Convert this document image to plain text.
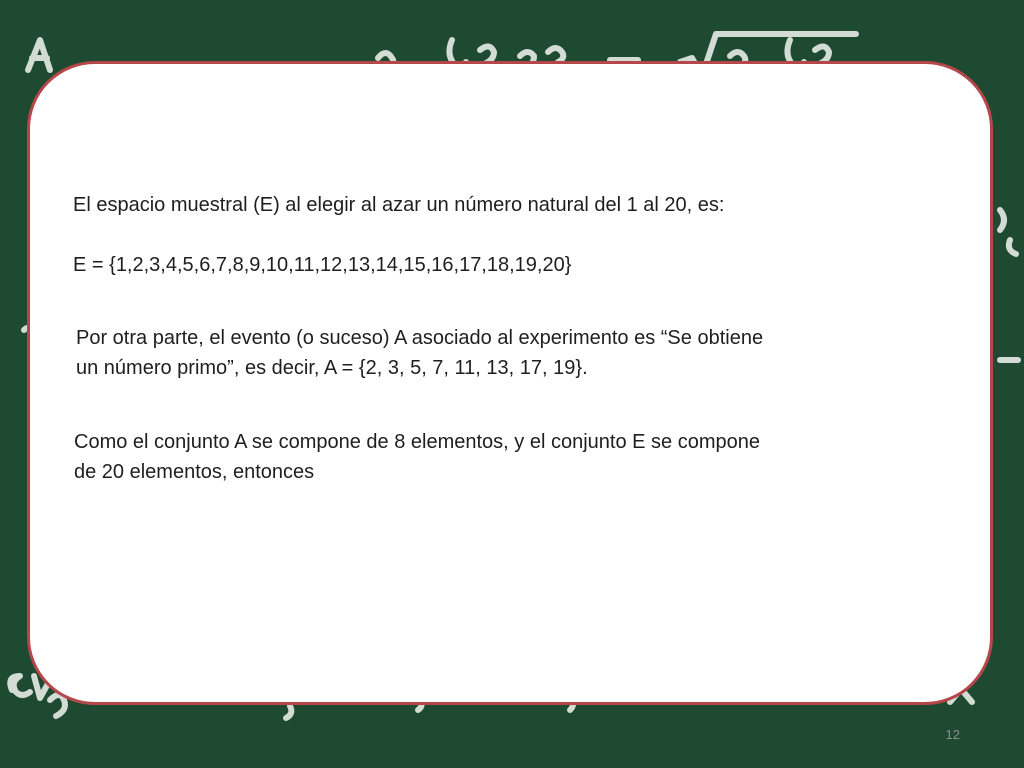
El espacio muestral (E) al elegir al azar un número natural del 1 al 20, es:

E = {1,2,3,4,5,6,7,8,9,10,11,12,13,14,15,16,17,18,19,20}

Por otra parte, el evento (o suceso) A asociado al experimento es “Se obtiene
un número primo”, es decir, A = {2, 3, 5, 7, 11, 13, 17, 19}.

Como el conjunto A se compone de 8 elementos, y el conjunto E se compone
de 20 elementos, entonces

12
